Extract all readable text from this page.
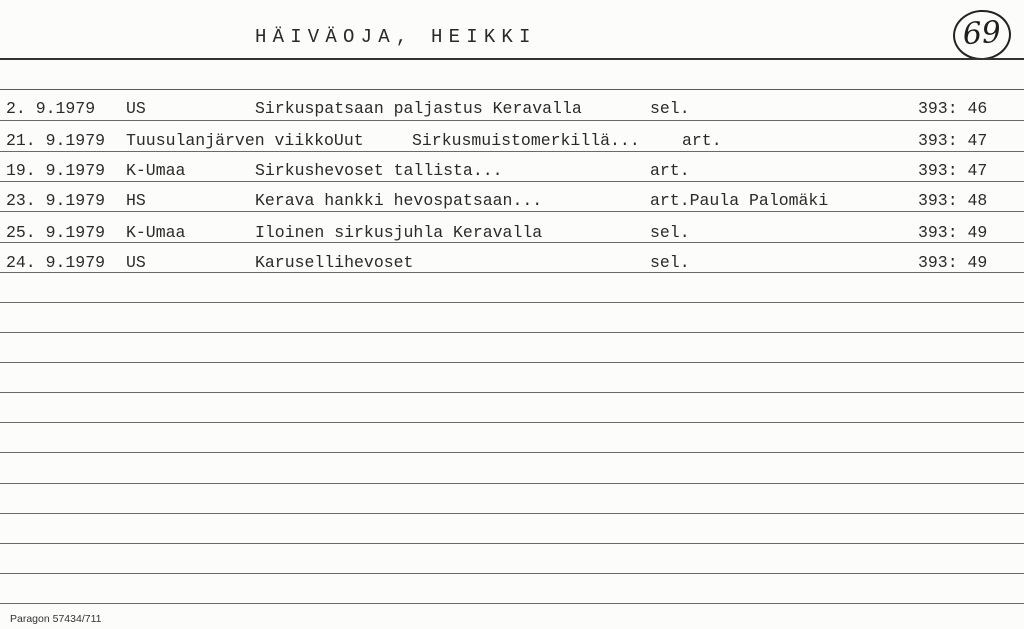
HÄIVÄOJA, HEIKKI	69
2. 9.1979 US	Sirkuspatsaan paljastus Keravalla	sel.	393: 46
21. 9.1979 Tuusulanjärven viikkoUut	Sirkusmuistomerkillä...	art.	393: 47
19. 9.1979 K-Umaa	Sirkushevoset tallista...	art.	393: 47
23. 9.1979 HS	Kerava hankki hevospatsaan...	art.Paula Palomäki	393: 48
25. 9.1979 K-Umaa	Iloinen sirkusjuhla Keravalla	sel.	393: 49
24. 9.1979 US	Karusellihevoset	sel.	393: 49
Paragon 57434/711
